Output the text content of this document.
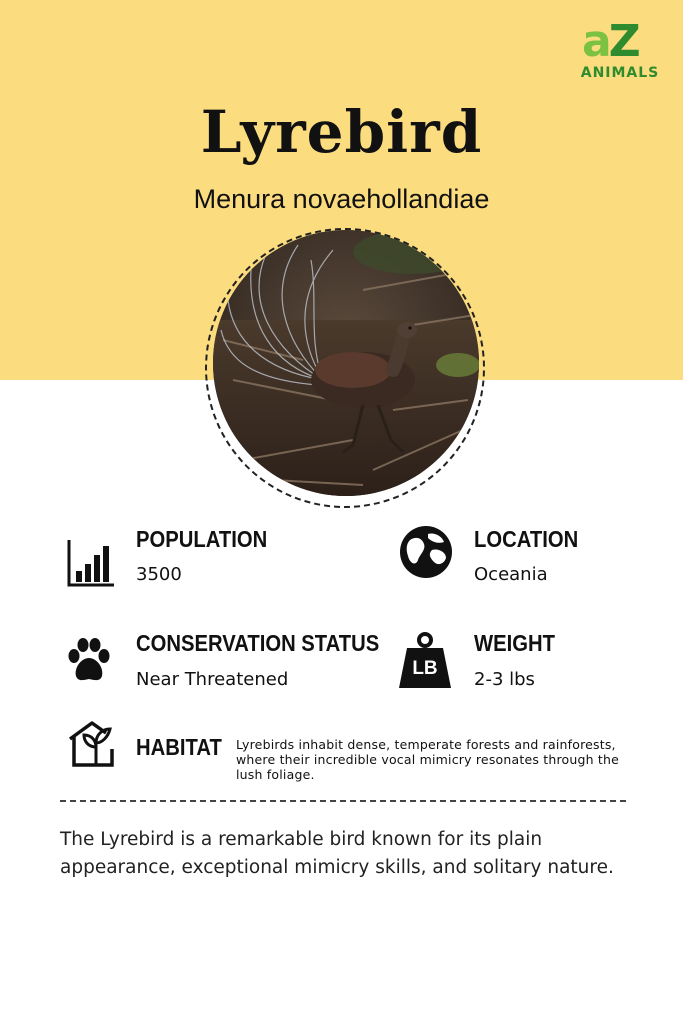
aZ
ANIMALS
Lyrebird
Menura novaehollandiae
POPULATION
3500
LOCATION
Oceania
CONSERVATION STATUS
Near Threatened
LB
WEIGHT
2-3 lbs
HABITAT Lyrebirds inhabit dense, temperate forests and rainforests, where their incredible vocal mimicry resonates through the lush foliage.
The Lyrebird is a remarkable bird known for its plain appearance, exceptional mimicry skills, and solitary nature.
